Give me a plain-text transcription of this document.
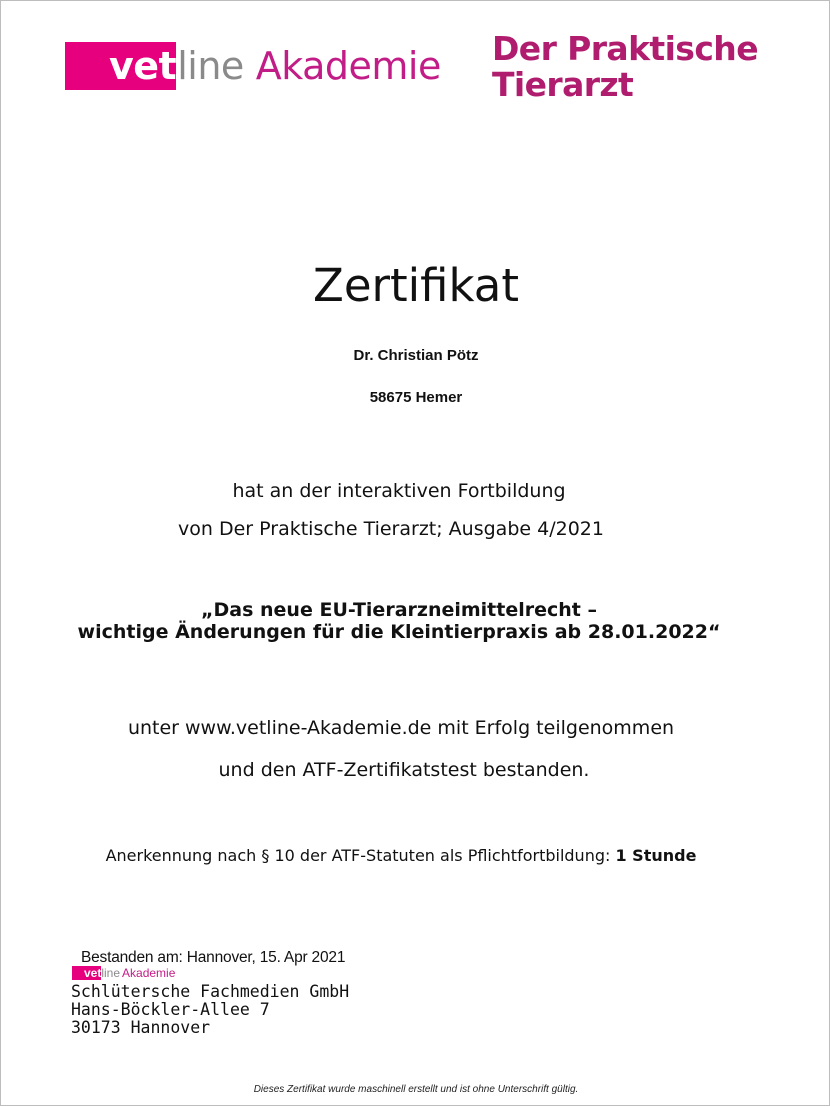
vet line Akademie Der Praktische
Tierarzt
Zertifikat
Dr. Christian Pötz
58675 Hemer
hat an der interaktiven Fortbildung
von Der Praktische Tierarzt; Ausgabe 4/2021
„Das neue EU-Tierarzneimittelrecht –
wichtige Änderungen für die Kleintierpraxis ab 28.01.2022“
unter www.vetline-Akademie.de mit Erfolg teilgenommen
und den ATF-Zertifikatstest bestanden.
Anerkennung nach § 10 der ATF-Statuten als Pflichtfortbildung: 1 Stunde
Bestanden am: Hannover, 15. Apr 2021
vet line Akademie
Schlütersche Fachmedien GmbH
Hans-Böckler-Allee 7
30173 Hannover
Dieses Zertifikat wurde maschinell erstellt und ist ohne Unterschrift gültig.
